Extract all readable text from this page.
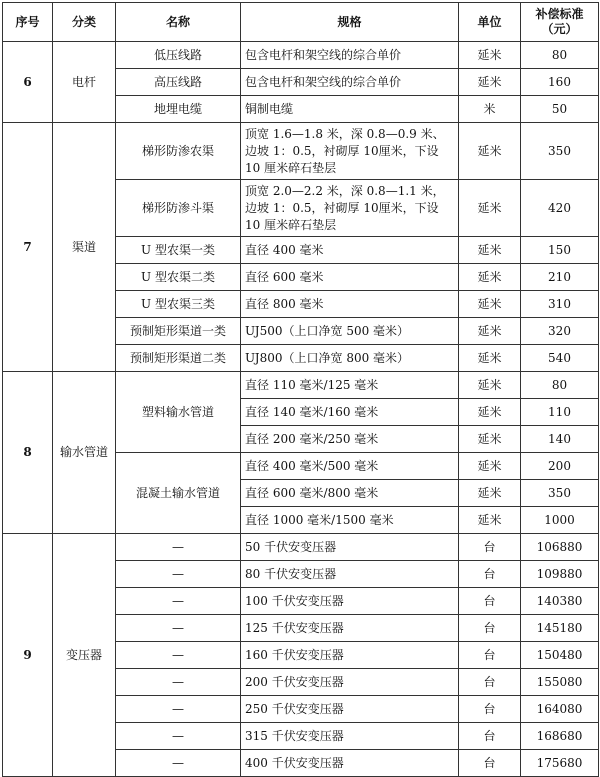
序号	分类	名称	规格	单位	补偿标准
（元）
6	电杆	低压线路	包含电杆和架空线的综合单价	延米	80
		高压线路	包含电杆和架空线的综合单价	延米	160
		地埋电缆	铜制电缆	米	50
7	渠道	梯形防渗农渠	顶宽 1.6—1.8 米，深 0.8—0.9 米、边坡 1：0.5，衬砌厚 10厘米，下设 10 厘米碎石垫层	延米	350
		梯形防渗斗渠	顶宽 2.0—2.2 米，深 0.8—1.1 米，边坡 1：0.5，衬砌厚 10厘米，下设 10 厘米碎石垫层	延米	420
		U 型农渠一类	直径 400 毫米	延米	150
		U 型农渠二类	直径 600 毫米	延米	210
		U 型农渠三类	直径 800 毫米	延米	310
		预制矩形渠道一类	UJ500（上口净宽 500 毫米）	延米	320
		预制矩形渠道二类	UJ800（上口净宽 800 毫米）	延米	540
8	输水管道	塑料输水管道	直径 110 毫米/125 毫米	延米	80
			直径 140 毫米/160 毫米	延米	110
			直径 200 毫米/250 毫米	延米	140
		混凝土输水管道	直径 400 毫米/500 毫米	延米	200
			直径 600 毫米/800 毫米	延米	350
			直径 1000 毫米/1500 毫米	延米	1000
9	变压器	—	50 千伏安变压器	台	106880
		—	80 千伏安变压器	台	109880
		—	100 千伏安变压器	台	140380
		—	125 千伏安变压器	台	145180
		—	160 千伏安变压器	台	150480
		—	200 千伏安变压器	台	155080
		—	250 千伏安变压器	台	164080
		—	315 千伏安变压器	台	168680
		—	400 千伏安变压器	台	175680
